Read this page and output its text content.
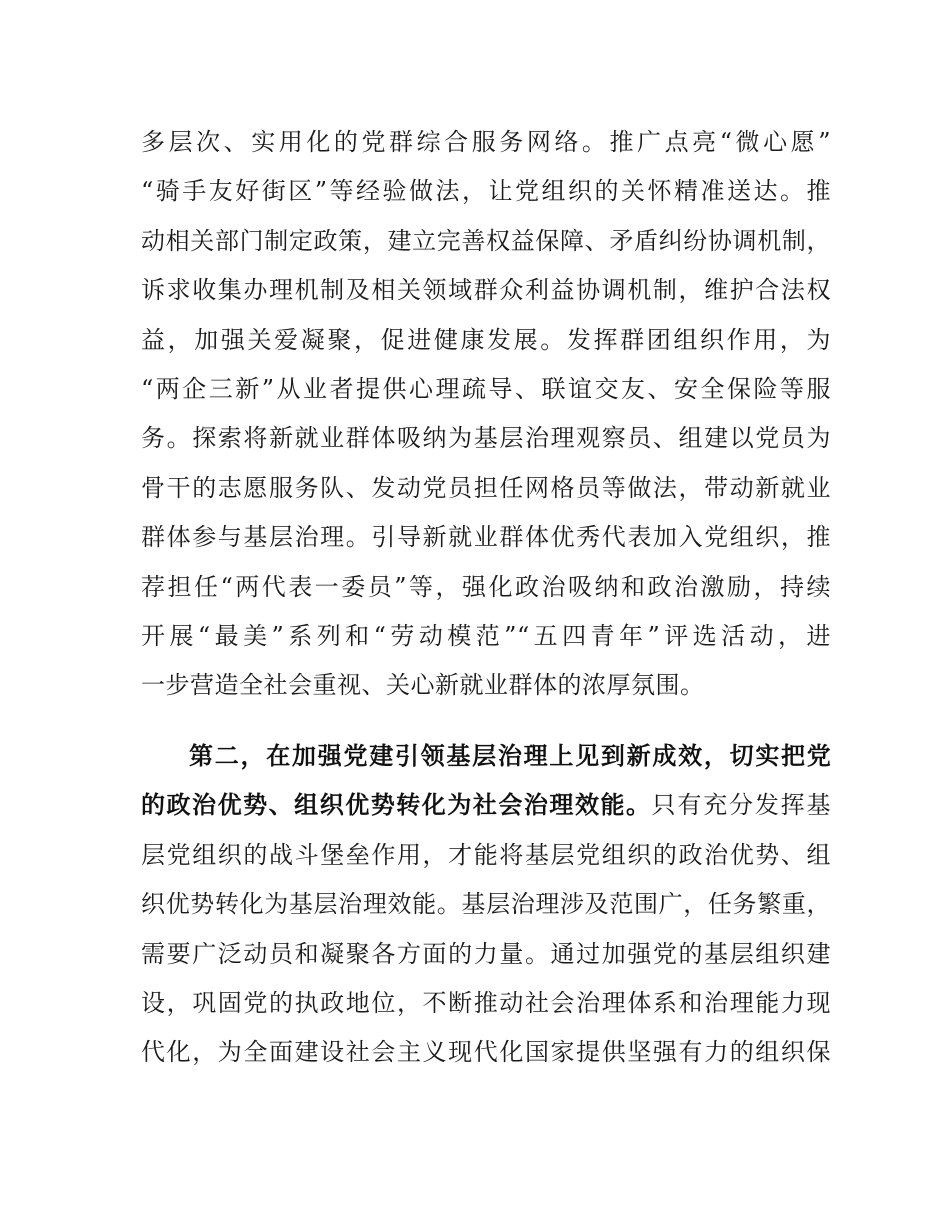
多层次、实用化的党群综合服务网络。推广点亮“微心愿”
“骑手友好街区”等经验做法，让党组织的关怀精准送达。推
动相关部门制定政策，建立完善权益保障、矛盾纠纷协调机制，
诉求收集办理机制及相关领域群众利益协调机制，维护合法权
益，加强关爱凝聚，促进健康发展。发挥群团组织作用，为
“两企三新”从业者提供心理疏导、联谊交友、安全保险等服
务。探索将新就业群体吸纳为基层治理观察员、组建以党员为
骨干的志愿服务队、发动党员担任网格员等做法，带动新就业
群体参与基层治理。引导新就业群体优秀代表加入党组织，推
荐担任“两代表一委员”等，强化政治吸纳和政治激励，持续
开展“最美”系列和“劳动模范”“五四青年”评选活动，进
一步营造全社会重视、关心新就业群体的浓厚氛围。
第二，在加强党建引领基层治理上见到新成效，切实把党
的政治优势、组织优势转化为社会治理效能。只有充分发挥基
层党组织的战斗堡垒作用，才能将基层党组织的政治优势、组
织优势转化为基层治理效能。基层治理涉及范围广，任务繁重，
需要广泛动员和凝聚各方面的力量。通过加强党的基层组织建
设，巩固党的执政地位，不断推动社会治理体系和治理能力现
代化，为全面建设社会主义现代化国家提供坚强有力的组织保
